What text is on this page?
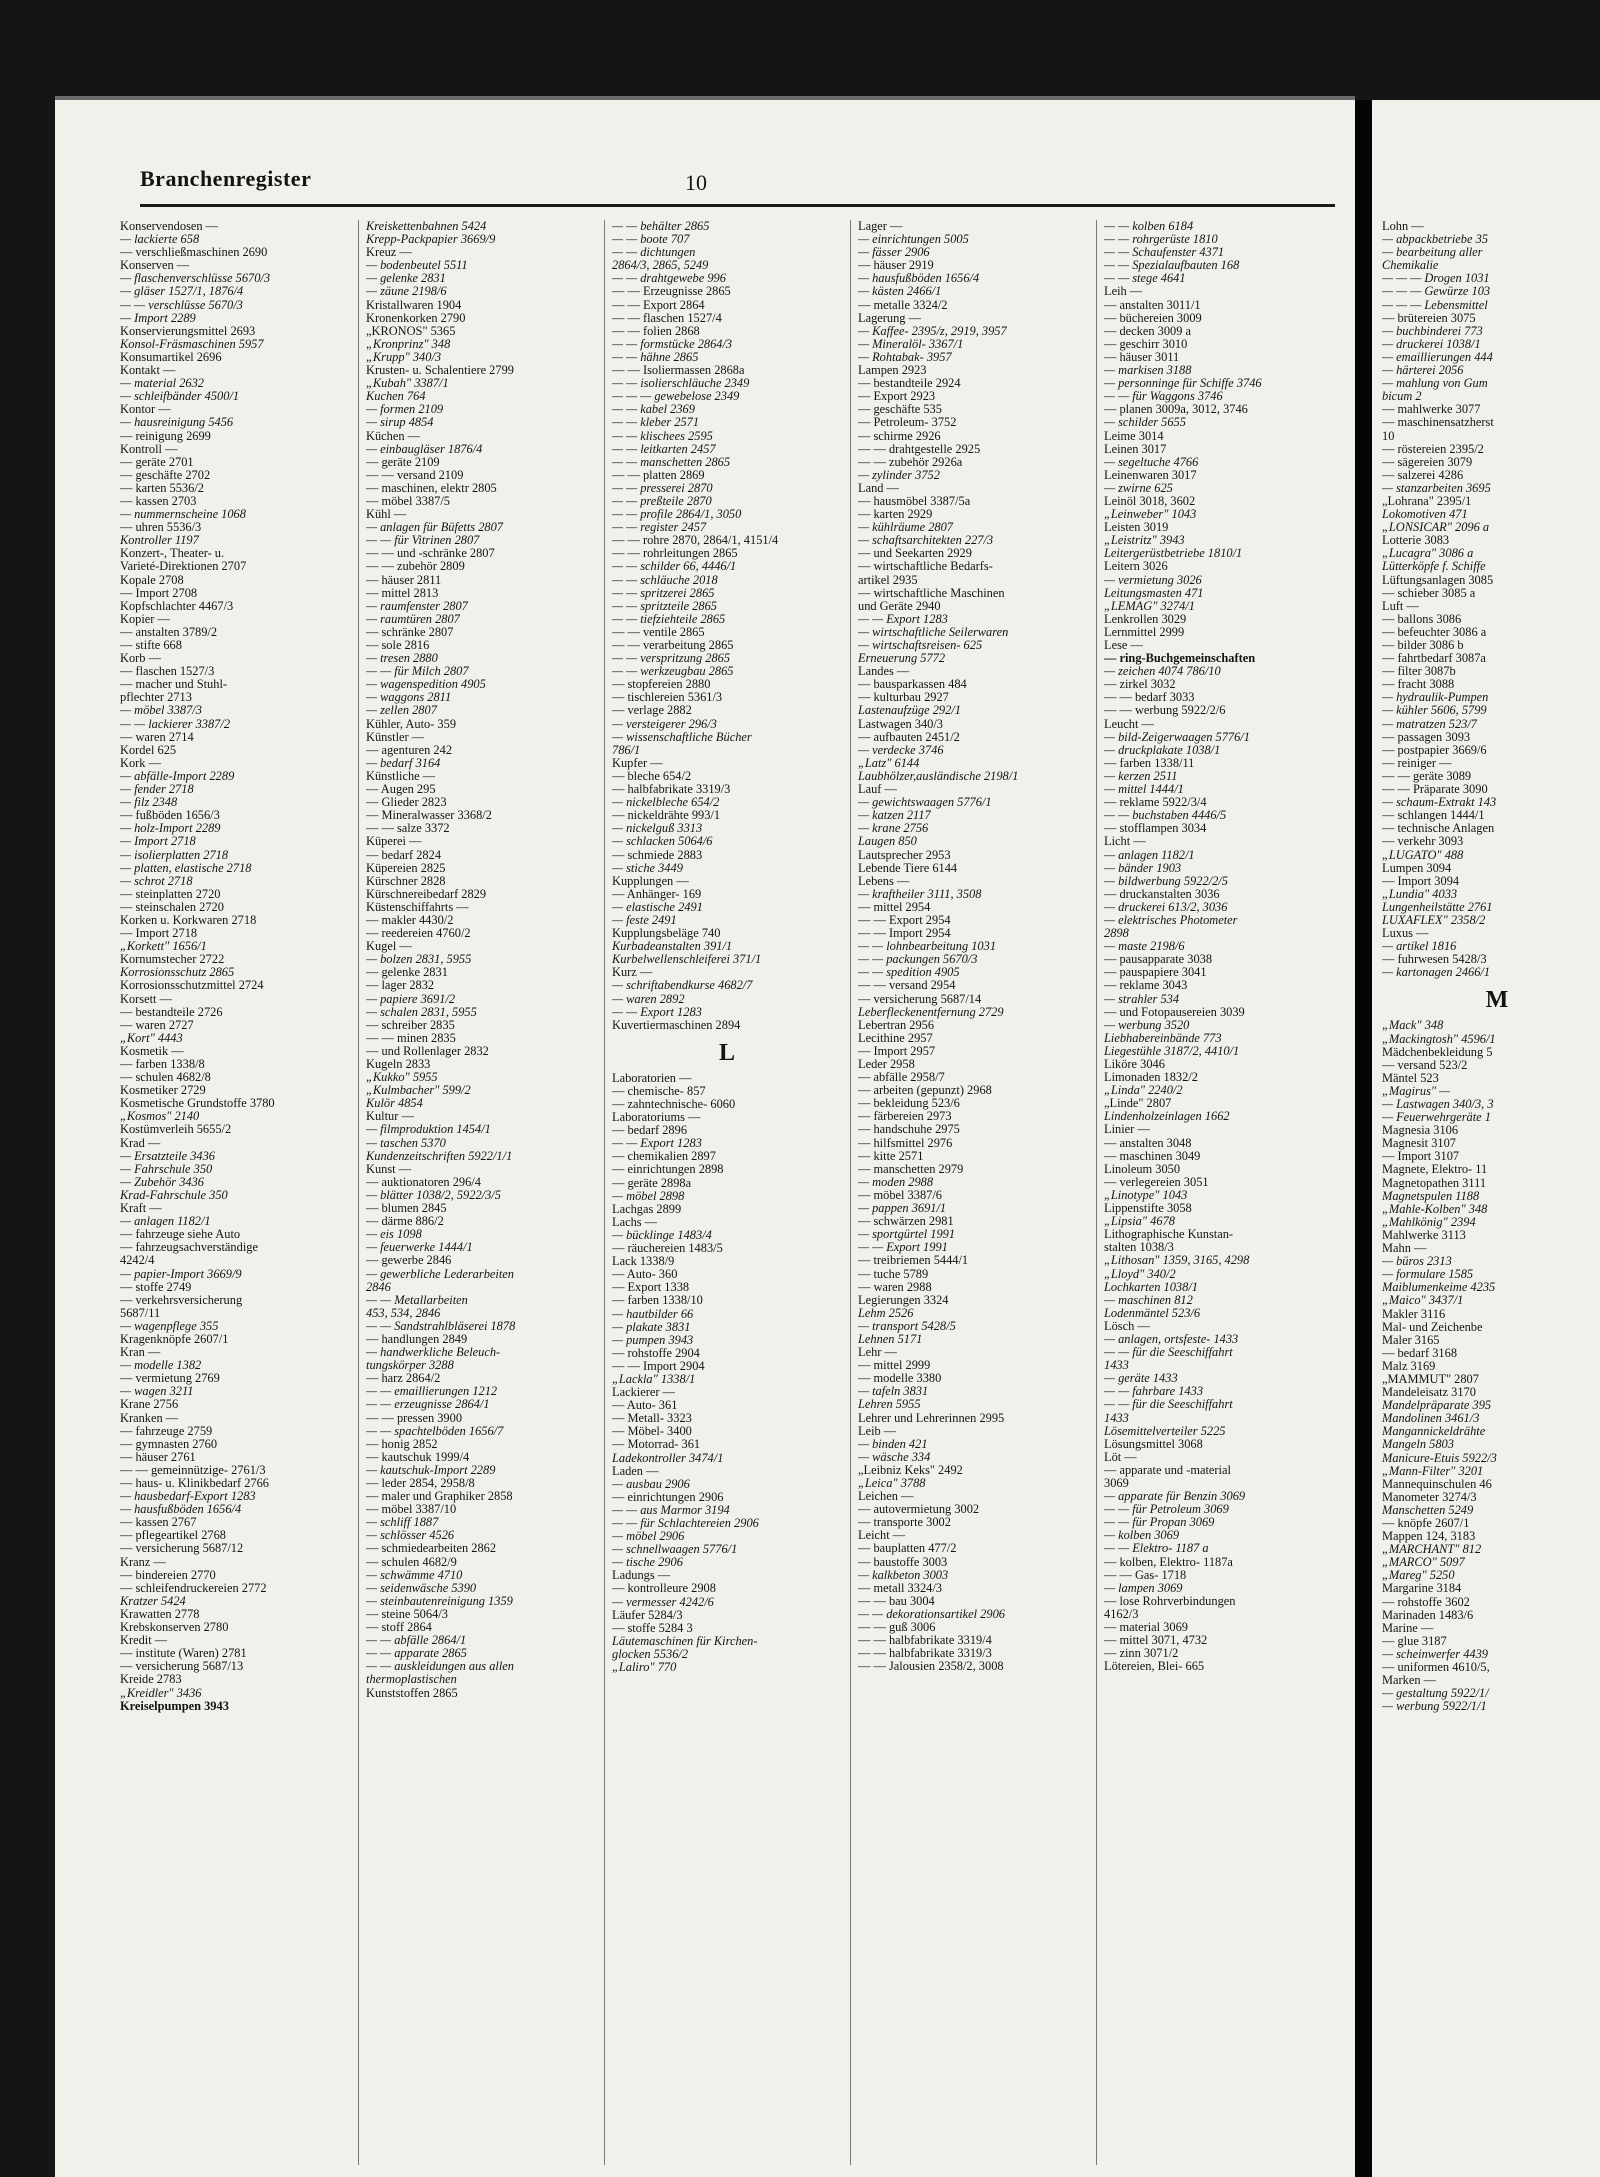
Branchenregister	10

Konservendosen —

— lackierte 658

— verschließmaschinen 2690

Konserven —

— flaschenverschlüsse 5670/3

— gläser 1527/1, 1876/4

— — verschlüsse 5670/3

— Import 2289

Konservierungsmittel 2693

Konsol-Fräsmaschinen 5957

Konsumartikel 2696

Kontakt —

— material 2632

— schleifbänder 4500/1

Kontor —

— hausreinigung 5456

— reinigung 2699

Kontroll —

— geräte 2701

— geschäfte 2702

— karten 5536/2

— kassen 2703

— nummernscheine 1068

— uhren 5536/3

Kontroller 1197

Konzert-, Theater- u.

Varieté-Direktionen 2707

Kopale 2708

— Import 2708

Kopfschlachter 4467/3

Kopier —

— anstalten 3789/2

— stifte 668

Korb —

— flaschen 1527/3

— macher und Stuhl-

pflechter 2713

— möbel 3387/3

— — lackierer 3387/2

— waren 2714

Kordel 625

Kork —

— abfälle-Import 2289

— fender 2718

— filz 2348

— fußböden 1656/3

— holz-Import 2289

— Import 2718

— isolierplatten 2718

— platten, elastische 2718

— schrot 2718

— steinplatten 2720

— steinschalen 2720

Korken u. Korkwaren 2718

— Import 2718

„Korkett" 1656/1

Kornumstecher 2722

Korrosionsschutz 2865

Korrosionsschutzmittel 2724

Korsett —

— bestandteile 2726

— waren 2727

„Kort" 4443

Kosmetik —

— farben 1338/8

— schulen 4682/8

Kosmetiker 2729

Kosmetische Grundstoffe 3780

„Kosmos" 2140

Kostümverleih 5655/2

Krad —

— Ersatzteile 3436

— Fahrschule 350

— Zubehör 3436

Krad-Fahrschule 350

Kraft —

— anlagen 1182/1

— fahrzeuge siehe Auto

— fahrzeugsachverständige

4242/4

— papier-Import 3669/9

— stoffe 2749

— verkehrsversicherung

5687/11

— wagenpflege 355

Kragenknöpfe 2607/1

Kran —

— modelle 1382

— vermietung 2769

— wagen 3211

Krane 2756

Kranken —

— fahrzeuge 2759

— gymnasten 2760

— häuser 2761

— — gemeinnützige- 2761/3

— haus- u. Klinikbedarf 2766

— hausbedarf-Export 1283

— hausfußböden 1656/4

— kassen 2767

— pflegeartikel 2768

— versicherung 5687/12

Kranz —

— bindereien 2770

— schleifendruckereien 2772

Kratzer 5424

Krawatten 2778

Krebskonserven 2780

Kredit —

— institute (Waren) 2781

— versicherung 5687/13

Kreide 2783

„Kreidler" 3436

Kreiselpumpen 3943

Kreiskettenbahnen 5424

Krepp-Packpapier 3669/9

Kreuz —

— bodenbeutel 5511

— gelenke 2831

— zäune 2198/6

Kristallwaren 1904

Kronenkorken 2790

„KRONOS" 5365

„Kronprinz" 348

„Krupp" 340/3

Krusten- u. Schalentiere 2799

„Kubah" 3387/1

Kuchen 764

— formen 2109

— sirup 4854

Küchen —

— einbaugläser 1876/4

— geräte 2109

— — versand 2109

— maschinen, elektr 2805

— möbel 3387/5

Kühl —

— anlagen für Büfetts 2807

— — für Vitrinen 2807

— — und -schränke 2807

— — zubehör 2809

— häuser 2811

— mittel 2813

— raumfenster 2807

— raumtüren 2807

— schränke 2807

— sole 2816

— tresen 2880

— — für Milch 2807

— wagenspedition 4905

— waggons 2811

— zellen 2807

Kühler, Auto- 359

Künstler —

— agenturen 242

— bedarf 3164

Künstliche —

— Augen 295

— Glieder 2823

— Mineralwasser 3368/2

— — salze 3372

Küperei —

— bedarf 2824

Küpereien 2825

Kürschner 2828

Kürschnereibedarf 2829

Küstenschiffahrts —

— makler 4430/2

— reedereien 4760/2

Kugel —

— bolzen 2831, 5955

— gelenke 2831

— lager 2832

— papiere 3691/2

— schalen 2831, 5955

— schreiber 2835

— — minen 2835

— und Rollenlager 2832

Kugeln 2833

„Kukko" 5955

„Kulmbacher" 599/2

Kulör 4854

Kultur —

— filmproduktion 1454/1

— taschen 5370

Kundenzeitschriften 5922/1/1

Kunst —

— auktionatoren 296/4

— blätter 1038/2, 5922/3/5

— blumen 2845

— därme 886/2

— eis 1098

— feuerwerke 1444/1

— gewerbe 2846

— gewerbliche Lederarbeiten

2846

— — Metallarbeiten

453, 534, 2846

— — Sandstrahlbläserei 1878

— handlungen 2849

— handwerkliche Beleuch-

tungskörper 3288

— harz 2864/2

— — emaillierungen 1212

— — erzeugnisse 2864/1

— — pressen 3900

— — spachtelböden 1656/7

— honig 2852

— kautschuk 1999/4

— kautschuk-Import 2289

— leder 2854, 2958/8

— maler und Graphiker 2858

— möbel 3387/10

— schliff 1887

— schlösser 4526

— schmiedearbeiten 2862

— schulen 4682/9

— schwämme 4710

— seidenwäsche 5390

— steinbautenreinigung 1359

— steine 5064/3

— stoff 2864

— — abfälle 2864/1

— — apparate 2865

— — auskleidungen aus allen

thermoplastischen

Kunststoffen 2865

— — behälter 2865

— — boote 707

— — dichtungen

2864/3, 2865, 5249

— — drahtgewebe 996

— — Erzeugnisse 2865

— — Export 2864

— — flaschen 1527/4

— — folien 2868

— — formstücke 2864/3

— — hähne 2865

— — Isoliermassen 2868a

— — isolierschläuche 2349

— — — gewebelose 2349

— — kabel 2369

— — kleber 2571

— — klischees 2595

— — leitkarten 2457

— — manschetten 2865

— — platten 2869

— — presserei 2870

— — preßteile 2870

— — profile 2864/1, 3050

— — register 2457

— — rohre 2870, 2864/1, 4151/4

— — rohrleitungen 2865

— — schilder 66, 4446/1

— — schläuche 2018

— — spritzerei 2865

— — spritzteile 2865

— — tiefziehteile 2865

— — ventile 2865

— — verarbeitung 2865

— — verspritzung 2865

— — werkzeugbau 2865

— stopfereien 2880

— tischlereien 5361/3

— verlage 2882

— versteigerer 296/3

— wissenschaftliche Bücher

786/1

Kupfer —

— bleche 654/2

— halbfabrikate 3319/3

— nickelbleche 654/2

— nickeldrähte 993/1

— nickelguß 3313

— schlacken 5064/6

— schmiede 2883

— stiche 3449

Kupplungen —

— Anhänger- 169

— elastische 2491

— feste 2491

Kupplungsbeläge 740

Kurbadeanstalten 391/1

Kurbelwellenschleiferei 371/1

Kurz —

— schriftabendkurse 4682/7

— waren 2892

— — Export 1283

Kuvertiermaschinen 2894

L

Laboratorien —

— chemische- 857

— zahntechnische- 6060

Laboratoriums —

— bedarf 2896

— — Export 1283

— chemikalien 2897

— einrichtungen 2898

— geräte 2898a

— möbel 2898

Lachgas 2899

Lachs —

— bücklinge 1483/4

— räuchereien 1483/5

Lack 1338/9

— Auto- 360

— Export 1338

— farben 1338/10

— hautbilder 66

— plakate 3831

— pumpen 3943

— rohstoffe 2904

— — Import 2904

„Lackla" 1338/1

Lackierer —

— Auto- 361

— Metall- 3323

— Möbel- 3400

— Motorrad- 361

Ladekontroller 3474/1

Laden —

— ausbau 2906

— einrichtungen 2906

— — aus Marmor 3194

— — für Schlachtereien 2906

— möbel 2906

— schnellwaagen 5776/1

— tische 2906

Ladungs —

— kontrolleure 2908

— vermesser 4242/6

Läufer 5284/3

— stoffe 5284 3

Läutemaschinen für Kirchen-

glocken 5536/2

„Laliro" 770

Lager —

— einrichtungen 5005

— fässer 2906

— häuser 2919

— hausfußböden 1656/4

— kästen 2466/1

— metalle 3324/2

Lagerung —

— Kaffee- 2395/z, 2919, 3957

— Mineralöl- 3367/1

— Rohtabak- 3957

Lampen 2923

— bestandteile 2924

— Export 2923

— geschäfte 535

— Petroleum- 3752

— schirme 2926

— — drahtgestelle 2925

— — zubehör 2926a

— zylinder 3752

Land —

— hausmöbel 3387/5a

— karten 2929

— kühlräume 2807

— schaftsarchitekten 227/3

— und Seekarten 2929

— wirtschaftliche Bedarfs-

artikel 2935

— wirtschaftliche Maschinen

und Geräte 2940

— — Export 1283

— wirtschaftliche Seilerwaren

— wirtschaftsreisen- 625

Erneuerung 5772

Landes —

— bausparkassen 484

— kulturbau 2927

Lastenaufzüge 292/1

Lastwagen 340/3

— aufbauten 2451/2

— verdecke 3746

„Latz" 6144

Laubhölzer,ausländische 2198/1

Lauf —

— gewichtswaagen 5776/1

— katzen 2117

— krane 2756

Laugen 850

Lautsprecher 2953

Lebende Tiere 6144

Lebens —

— kraftheiler 3111, 3508

— mittel 2954

— — Export 2954

— — Import 2954

— — lohnbearbeitung 1031

— — packungen 5670/3

— — spedition 4905

— — versand 2954

— versicherung 5687/14

Leberfleckenentfernung 2729

Lebertran 2956

Lecithine 2957

— Import 2957

Leder 2958

— abfälle 2958/7

— arbeiten (gepunzt) 2968

— bekleidung 523/6

— färbereien 2973

— handschuhe 2975

— hilfsmittel 2976

— kitte 2571

— manschetten 2979

— moden 2988

— möbel 3387/6

— pappen 3691/1

— schwärzen 2981

— sportgürtel 1991

— — Export 1991

— treibriemen 5444/1

— tuche 5789

— waren 2988

Legierungen 3324

Lehm 2526

— transport 5428/5

Lehnen 5171

Lehr —

— mittel 2999

— modelle 3380

— tafeln 3831

Lehren 5955

Lehrer und Lehrerinnen 2995

Leib —

— binden 421

— wäsche 334

„Leibniz Keks" 2492

„Leica" 3788

Leichen —

— autovermietung 3002

— transporte 3002

Leicht —

— bauplatten 477/2

— baustoffe 3003

— kalkbeton 3003

— metall 3324/3

— — bau 3004

— — dekorationsartikel 2906

— — guß 3006

— — halbfabrikate 3319/4

— — halbfabrikate 3319/3

— — Jalousien 2358/2, 3008

— — kolben 6184

— — rohrgerüste 1810

— — Schaufenster 4371

— — Spezialaufbauten 168

— — stege 4641

Leih —

— anstalten 3011/1

— büchereien 3009

— decken 3009 a

— geschirr 3010

— häuser 3011

— markisen 3188

— personninge für Schiffe 3746

— — für Waggons 3746

— planen 3009a, 3012, 3746

— schilder 5655

Leime 3014

Leinen 3017

— segeltuche 4766

Leinenwaren 3017

— zwirne 625

Leinöl 3018, 3602

„Leinweber" 1043

Leisten 3019

„Leistritz" 3943

Leitergerüstbetriebe 1810/1

Leitern 3026

— vermietung 3026

Leitungsmasten 471

„LEMAG" 3274/1

Lenkrollen 3029

Lernmittel 2999

Lese —

— ring-Buchgemeinschaften

— zeichen 4074 786/10

— zirkel 3032

— — bedarf 3033

— — werbung 5922/2/6

Leucht —

— bild-Zeigerwaagen 5776/1

— druckplakate 1038/1

— farben 1338/11

— kerzen 2511

— mittel 1444/1

— reklame 5922/3/4

— — buchstaben 4446/5

— stofflampen 3034

Licht —

— anlagen 1182/1

— bänder 1903

— bildwerbung 5922/2/5

— druckanstalten 3036

— druckerei 613/2, 3036

— elektrisches Photometer

2898

— maste 2198/6

— pausapparate 3038

— pauspapiere 3041

— reklame 3043

— strahler 534

— und Fotopausereien 3039

— werbung 3520

Liebhabereinbände 773

Liegestühle 3187/2, 4410/1

Liköre 3046

Limonaden 1832/2

„Linda" 2240/2

„Linde" 2807

Lindenholzeinlagen 1662

Linier —

— anstalten 3048

— maschinen 3049

Linoleum 3050

— verlegereien 3051

„Linotype" 1043

Lippenstifte 3058

„Lipsia" 4678

Lithographische Kunstan-

stalten 1038/3

„Lithosan" 1359, 3165, 4298

„Lloyd" 340/2

Lochkarten 1038/1

— maschinen 812

Lodenmäntel 523/6

Lösch —

— anlagen, ortsfeste- 1433

— — für die Seeschiffahrt

1433

— geräte 1433

— — fahrbare 1433

— — für die Seeschiffahrt

1433

Lösemittelverteiler 5225

Lösungsmittel 3068

Löt —

— apparate und -material

3069

— apparate für Benzin 3069

— — für Petroleum 3069

— — für Propan 3069

— kolben 3069

— — Elektro- 1187 a

— kolben, Elektro- 1187a

— — Gas- 1718

— lampen 3069

— lose Rohrverbindungen

4162/3

— material 3069

— mittel 3071, 4732

— zinn 3071/2

Lötereien, Blei- 665

Lohn —

— abpackbetriebe 35

— bearbeitung aller

Chemikalie

— — — Drogen 1031

— — — Gewürze 103

— — — Lebensmittel

— brütereien 3075

— buchbinderei 773

— druckerei 1038/1

— emaillierungen 444

— härterei 2056

— mahlung von Gum

bicum 2

— mahlwerke 3077

— maschinensatzherst

10

— röstereien 2395/2

— sägereien 3079

— salzerei 4286

— stanzarbeiten 3695

„Lohrana" 2395/1

Lokomotiven 471

„LONSICAR" 2096 a

Lotterie 3083

„Lucagra" 3086 a

Lütterköpfe f. Schiffe

Lüftungsanlagen 3085

— schieber 3085 a

Luft —

— ballons 3086

— befeuchter 3086 a

— bilder 3086 b

— fahrtbedarf 3087a

— filter 3087b

— fracht 3088

— hydraulik-Pumpen

— kühler 5606, 5799

— matratzen 523/7

— passagen 3093

— postpapier 3669/6

— reiniger —

— — geräte 3089

— — Präparate 3090

— schaum-Extrakt 143

— schlangen 1444/1

— technische Anlagen

— verkehr 3093

„LUGATO" 488

Lumpen 3094

— Import 3094

„Lundia" 4033

Lungenheilstätte 2761

LUXAFLEX" 2358/2

Luxus —

— artikel 1816

— fuhrwesen 5428/3

— kartonagen 2466/1

M

„Mack" 348

„Mackingtosh" 4596/1

Mädchenbekleidung 5

— versand 523/2

Mäntel 523

„Magirus" —

— Lastwagen 340/3, 3

— Feuerwehrgeräte 1

Magnesia 3106

Magnesit 3107

— Import 3107

Magnete, Elektro- 11

Magnetopathen 3111

Magnetspulen 1188

„Mahle-Kolben" 348

„Mahlkönig" 2394

Mahlwerke 3113

Mahn —

— büros 2313

— formulare 1585

Maiblumenkeime 4235

„Maico" 3437/1

Makler 3116

Mal- und Zeichenbe

Maler 3165

— bedarf 3168

Malz 3169

„MAMMUT" 2807

Mandeleisatz 3170

Mandelpräparate 395

Mandolinen 3461/3

Mangannickeldrähte

Mangeln 5803

Manicure-Etuis 5922/3

„Mann-Filter" 3201

Mannequinschulen 46

Manometer 3274/3

Manschetten 5249

— knöpfe 2607/1

Mappen 124, 3183

„MARCHANT" 812

„MARCO" 5097

„Mareg" 5250

Margarine 3184

— rohstoffe 3602

Marinaden 1483/6

Marine —

— glue 3187

— scheinwerfer 4439

— uniformen 4610/5,

Marken —

— gestaltung 5922/1/

— werbung 5922/1/1
